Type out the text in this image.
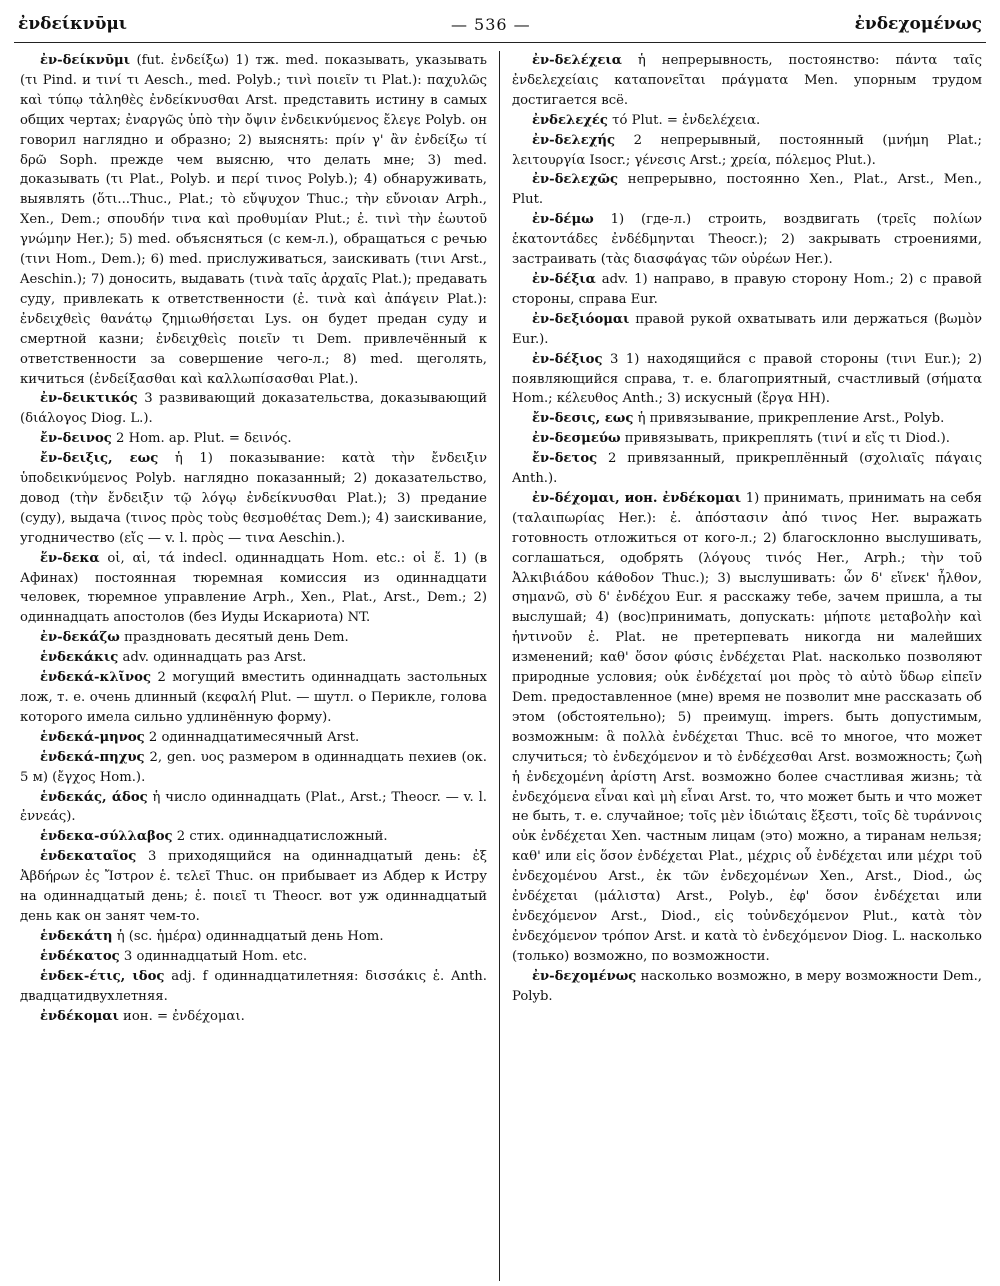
ἐνδείκνῡμι	— 536 —	ἐνδεχομένως

ἐν-δείκνῡμι (fut. ἐνδείξω) 1) тж. med. показывать, указывать (τι Pind. и τινί τι Aesch., med. Polyb.; τινὶ ποιεῖν τι Plat.): παχυλῶς καὶ τύπῳ τἀληθὲς ἐνδείκνυσθαι Arst. представить истину в самых общих чертах; ἐναργῶς ὑπὸ τὴν ὄψιν ἐνδεικνύμενος ἔλεγε Polyb. он говорил наглядно и образно; 2) выяснять: πρίν γ' ἂν ἐνδείξω τί δρῶ Soph. прежде чем выясню, что делать мне; 3) med. доказывать (τι Plat., Polyb. и περί τινος Polyb.); 4) обнаруживать, выявлять (ὅτι...Thuc., Plat.; τὸ εὔψυχον Thuc.; τὴν εὔνοιαν Arph., Xen., Dem.; σπουδήν τινα καὶ προθυμίαν Plut.; ἐ. τινὶ τὴν ἑωυτοῦ γνώμην Her.); 5) med. объясняться (с кем-л.), обращаться с речью (τινι Hom., Dem.); 6) med. прислуживаться, заискивать (τινι Arst., Aeschin.); 7) доносить, выдавать (τινὰ ταῖς ἀρχαῖς Plat.); предавать суду, привлекать к ответственности (ἐ. τινὰ καὶ ἀπάγειν Plat.): ἐνδειχθεὶς θανάτῳ ζημιωθήσεται Lys. он будет предан суду и смертной казни; ἐνδειχθεὶς ποιεῖν τι Dem. привлечённый к ответственности за совершение чего-л.; 8) med. щеголять, кичиться (ἐνδείξασθαι καὶ καλλωπίσασθαι Plat.).

ἐν-δεικτικός 3 развивающий доказательства, доказывающий (διάλογος Diog. L.).

ἔν-δεινος 2 Hom. ap. Plut. = δεινός.

ἔν-δειξις, εως ἡ 1) показывание: κατὰ τὴν ἔνδειξιν ὑποδεικνύμενος Polyb. наглядно показанный; 2) доказательство, довод (τὴν ἔνδειξιν τῷ λόγῳ ἐνδείκνυσθαι Plat.); 3) предание (суду), выдача (τινος πρὸς τοὺς θεσμοθέτας Dem.); 4) заискивание, угодничество (εἴς — v. l. πρὸς — τινα Aeschin.).

ἕν-δεκα οἱ, αἱ, τά indecl. одиннадцать Hom. etc.: οἱ ἕ. 1) (в Афинах) постоянная тюремная комиссия из одиннадцати человек, тюремное управление Arph., Xen., Plat., Arst., Dem.; 2) одиннадцать апостолов (без Иуды Искариота) NT.

ἐν-δεκάζω праздновать десятый день Dem.

ἑνδεκάκις adv. одиннадцать раз Arst.

ἑνδεκά-κλῖνος 2 могущий вместить одиннадцать застольных лож, т. е. очень длинный (κεφαλή Plut. — шутл. о Перикле, голова которого имела сильно удлинённую форму).

ἑνδεκά-μηνος 2 одиннадцатимесячный Arst.

ἑνδεκά-πηχυς 2, gen. υος размером в одиннадцать пехиев (ок. 5 м) (ἔγχος Hom.).

ἑνδεκάς, άδος ἡ число одиннадцать (Plat., Arst.; Theocr. — v. l. ἐννεάς).

ἑνδεκα-σύλλαβος 2 стих. одиннадцатисложный.

ἑνδεκαταῖος 3 приходящийся на одиннадцатый день: ἐξ Ἀβδήρων ἐς Ἴστρον ἑ. τελεῖ Thuc. он прибывает из Абдер к Истру на одиннадцатый день; ἑ. ποιεῖ τι Theocr. вот уж одиннадцатый день как он занят чем-то.

ἑνδεκάτη ἡ (sc. ἡμέρα) одиннадцатый день Hom.

ἑνδέκατος 3 одиннадцатый Hom. etc.

ἑνδεκ-έτις, ιδος adj. f одиннадцатилетняя: δισσάκις ἑ. Anth. двадцатидвухлетняя.

ἐνδέκομαι ион. = ἐνδέχομαι.

ἐν-δελέχεια ἡ непрерывность, постоянство: πάντα ταῖς ἐνδελεχείαις καταπονεῖται πράγματα Men. упорным трудом достигается всё.

ἐνδελεχές τό Plut. = ἐνδελέχεια.

ἐν-δελεχής 2 непрерывный, постоянный (μνήμη Plat.; λειτουργία Isocr.; γένεσις Arst.; χρεία, πόλεμος Plut.).

ἐν-δελεχῶς непрерывно, постоянно Xen., Plat., Arst., Men., Plut.

ἐν-δέμω 1) (где-л.) строить, воздвигать (τρεῖς πολίων ἑκατοντάδες ἐνδέδμηνται Theocr.); 2) закрывать строениями, застраивать (τὰς διασφάγας τῶν οὐρέων Her.).

ἐν-δέξια adv. 1) направо, в правую сторону Hom.; 2) с правой стороны, справа Eur.

ἐν-δεξιόομαι правой рукой охватывать или держаться (βωμὸν Eur.).

ἐν-δέξιος 3 1) находящийся с правой стороны (τινι Eur.); 2) появляющийся справа, т. е. благоприятный, счастливый (σήματα Hom.; κέλευθος Anth.; 3) искусный (ἔργα HH).

ἔν-δεσις, εως ἡ привязывание, прикрепление Arst., Polyb.

ἐν-δεσμεύω привязывать, прикреплять (τινί и εἴς τι Diod.).

ἔν-δετος 2 привязанный, прикреплённый (σχολιαῖς πάγαις Anth.).

ἐν-δέχομαι, ион. ἐνδέκομαι 1) принимать, принимать на себя (ταλαιπωρίας Her.): ἐ. ἀπόστασιν ἀπό τινος Her. выражать готовность отложиться от кого-л.; 2) благосклонно выслушивать, соглашаться, одобрять (λόγους τινός Her., Arph.; τὴν τοῦ Ἀλκιβιάδου κάθοδον Thuc.); 3) выслушивать: ὧν δ' εἵνεκ' ἦλθον, σημανῶ, σὺ δ' ἐνδέχου Eur. я расскажу тебе, зачем пришла, а ты выслушай; 4) (вос)принимать, допускать: μήποτε μεταβολὴν καὶ ἡντινοῦν ἐ. Plat. не претерпевать никогда ни малейших изменений; καθ' ὅσον φύσις ἐνδέχεται Plat. насколько позволяют природные условия; οὐκ ἐνδέχεταί μοι πρὸς τὸ αὐτὸ ὕδωρ εἰπεῖν Dem. предоставленное (мне) время не позволит мне рассказать об этом (обстоятельно); 5) преимущ. impers. быть допустимым, возможным: ἃ πολλὰ ἐνδέχεται Thuc. всё то многое, что может случиться; τὸ ἐνδεχόμενον и τὸ ἐνδέχεσθαι Arst. возможность; ζωὴ ἡ ἐνδεχομένη ἀρίστη Arst. возможно более счастливая жизнь; τὰ ἐνδεχόμενα εἶναι καὶ μὴ εἶναι Arst. то, что может быть и что может не быть, т. е. случайное; τοῖς μὲν ἰδιώταις ἔξεστι, τοῖς δὲ τυράννοις οὐκ ἐνδέχεται Xen. частным лицам (это) можно, а тиранам нельзя; καθ' или εἰς ὅσον ἐνδέχεται Plat., μέχρις οὗ ἐνδέχεται или μέχρι τοῦ ἐνδεχομένου Arst., ἐκ τῶν ἐνδεχομένων Xen., Arst., Diod., ὡς ἐνδέχεται (μάλιστα) Arst., Polyb., ἐφ' ὅσον ἐνδέχεται или ἐνδεχόμενον Arst., Diod., εἰς τοὐνδεχόμενον Plut., κατὰ τὸν ἐνδεχόμενον τρόπον Arst. и κατὰ τὸ ἐνδεχόμενον Diog. L. насколько (только) возможно, по возможности.

ἐν-δεχομένως насколько возможно, в меру возможности Dem., Polyb.
